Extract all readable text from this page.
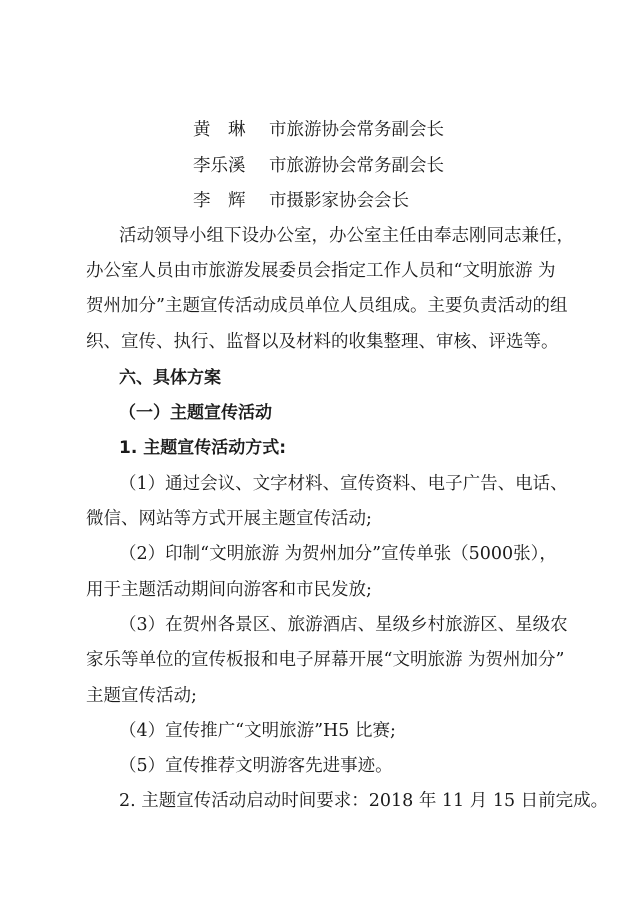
黄　琳 市旅游协会常务副会长
李乐溪 市旅游协会常务副会长
李　辉 市摄影家协会会长
活动领导小组下设办公室，办公室主任由奉志刚同志兼任，
办公室人员由市旅游发展委员会指定工作人员和“文明旅游 为
贺州加分”主题宣传活动成员单位人员组成。主要负责活动的组
织、宣传、执行、监督以及材料的收集整理、审核、评选等。
六、具体方案
（一）主题宣传活动
1. 主题宣传活动方式:
（1）通过会议、文字材料、宣传资料、电子广告、电话、
微信、网站等方式开展主题宣传活动;
（2）印制“文明旅游 为贺州加分”宣传单张（5000张），
用于主题活动期间向游客和市民发放;
（3）在贺州各景区、旅游酒店、星级乡村旅游区、星级农
家乐等单位的宣传板报和电子屏幕开展“文明旅游 为贺州加分”
主题宣传活动;
（4）宣传推广“文明旅游”H5 比赛;
（5）宣传推荐文明游客先进事迹。
2. 主题宣传活动启动时间要求：2018 年 11 月 15 日前完成。
